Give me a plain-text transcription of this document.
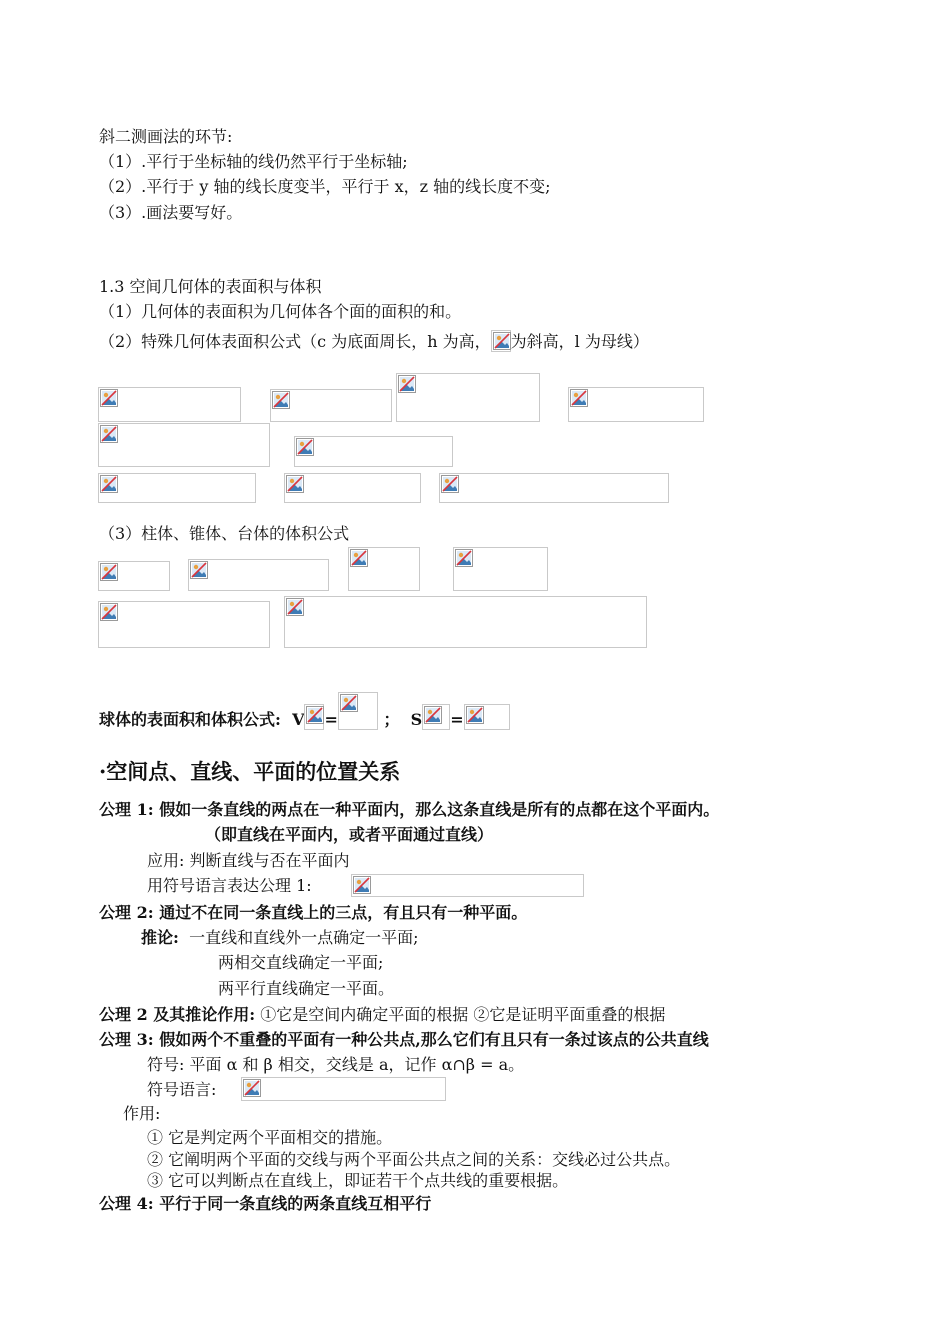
斜二测画法的环节:
（1）.平行于坐标轴的线仍然平行于坐标轴;
（2）.平行于 y 轴的线长度变半，平行于 x，z 轴的线长度不变;
（3）.画法要写好。
1.3 空间几何体的表面积与体积
（1）几何体的表面积为几何体各个面的面积的和。
（2）特殊几何体表面积公式（c 为底面周长，h 为高， 为斜高，l 为母线）
（3）柱体、锥体、台体的体积公式
球体的表面积和体积公式: V =	； S =
·空间点、直线、平面的位置关系
公理 1: 假如一条直线的两点在一种平面内，那么这条直线是所有的点都在这个平面内。
（即直线在平面内，或者平面通过直线）
应用: 判断直线与否在平面内
用符号语言表达公理 1:
公理 2: 通过不在同一条直线上的三点，有且只有一种平面。
推论: 一直线和直线外一点确定一平面;
两相交直线确定一平面;
两平行直线确定一平面。
公理 2 及其推论作用: ①它是空间内确定平面的根据 ②它是证明平面重叠的根据
公理 3: 假如两个不重叠的平面有一种公共点,那么它们有且只有一条过该点的公共直线
符号: 平面 α 和 β 相交，交线是 a，记作 α∩β = a。
符号语言:
作用:
① 它是判定两个平面相交的措施。
② 它阐明两个平面的交线与两个平面公共点之间的关系：交线必过公共点。
③ 它可以判断点在直线上，即证若干个点共线的重要根据。
公理 4: 平行于同一条直线的两条直线互相平行
